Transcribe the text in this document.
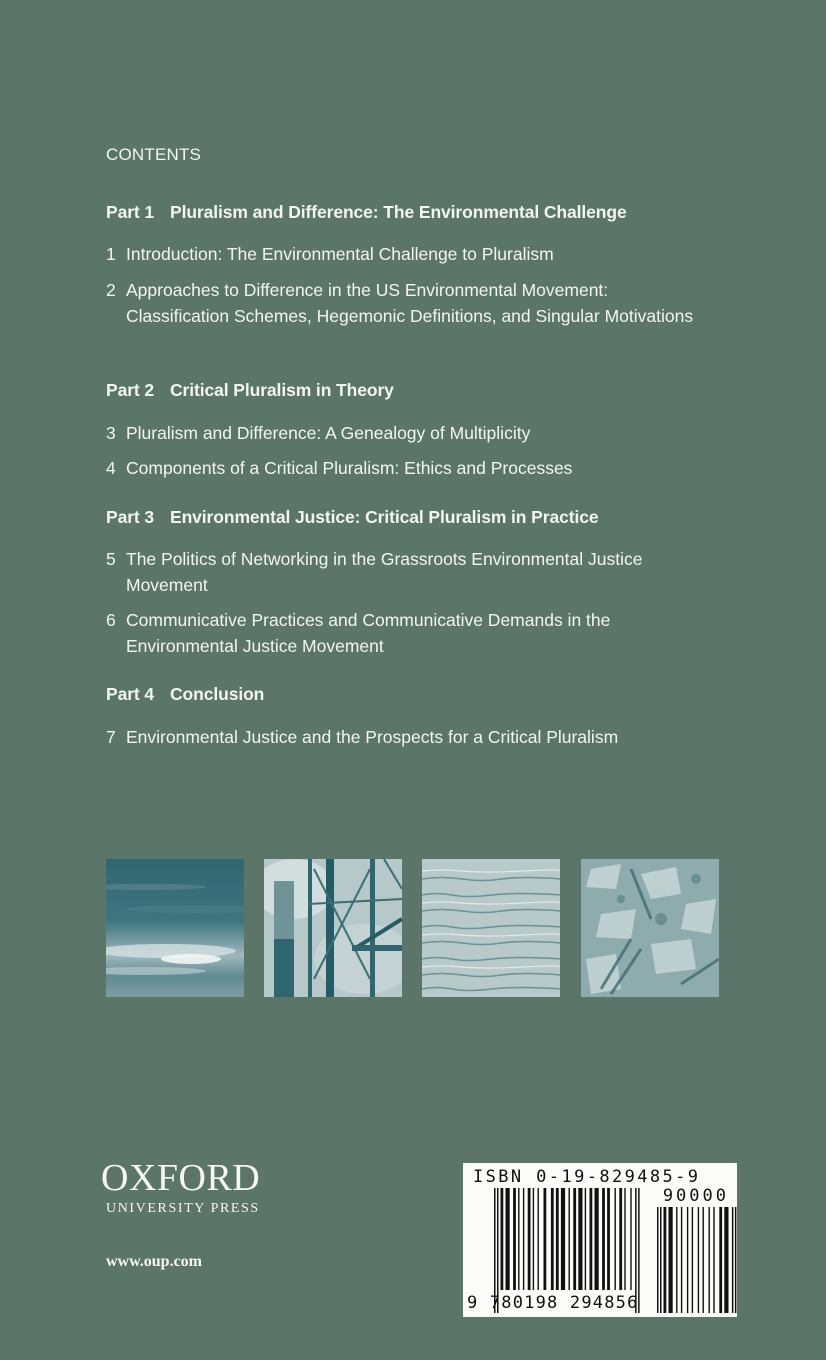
CONTENTS
Part 1 Pluralism and Difference: The Environmental Challenge
1 Introduction: The Environmental Challenge to Pluralism
2 Approaches to Difference in the US Environmental Movement: Classification Schemes, Hegemonic Definitions, and Singular Motivations
Part 2 Critical Pluralism in Theory
3 Pluralism and Difference: A Genealogy of Multiplicity
4 Components of a Critical Pluralism: Ethics and Processes
Part 3 Environmental Justice: Critical Pluralism in Practice
5 The Politics of Networking in the Grassroots Environmental Justice Movement
6 Communicative Practices and Communicative Demands in the Environmental Justice Movement
Part 4 Conclusion
7 Environmental Justice and the Prospects for a Critical Pluralism
OXFORD
UNIVERSITY PRESS
www.oup.com
ISBN 0-19-829485-9
90000
9 780198 294856
